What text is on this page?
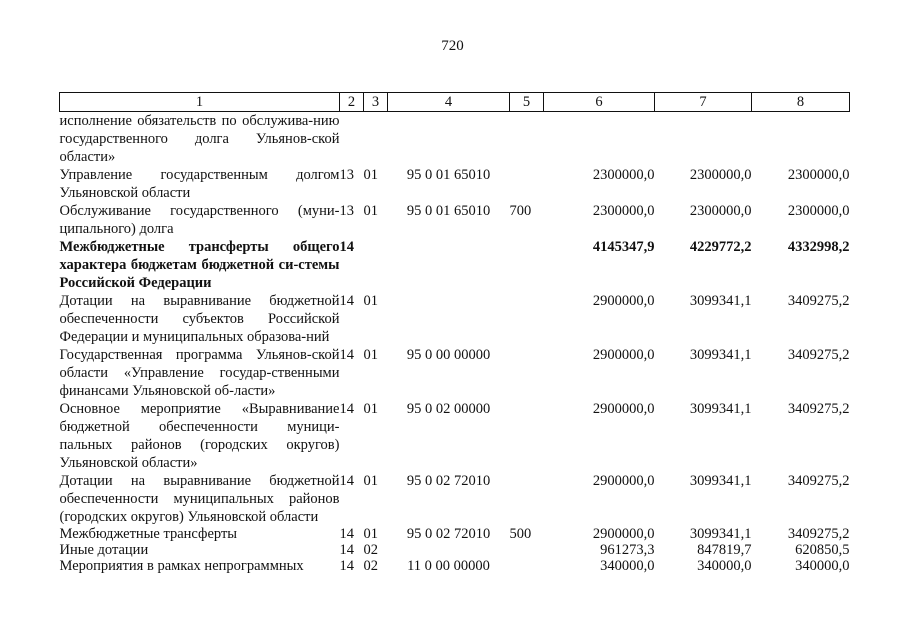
720
1	2	3	4	5	6	7	8
исполнение обязательств по обслужива-нию государственного долга Ульянов-ской области»							
Управление государственным долгом Ульяновской области	13	01	95 0 01 65010		2300000,0	2300000,0	2300000,0
Обслуживание государственного (муни-ципального) долга	13	01	95 0 01 65010	700	2300000,0	2300000,0	2300000,0
Межбюджетные трансферты общего характера бюджетам бюджетной си-стемы Российской Федерации	14				4145347,9	4229772,2	4332998,2
Дотации на выравнивание бюджетной обеспеченности субъектов Российской Федерации и муниципальных образова-ний	14	01			2900000,0	3099341,1	3409275,2
Государственная программа Ульянов-ской области «Управление государ-ственными финансами Ульяновской об-ласти»	14	01	95 0 00 00000		2900000,0	3099341,1	3409275,2
Основное мероприятие «Выравнивание бюджетной обеспеченности муници-пальных районов (городских округов) Ульяновской области»	14	01	95 0 02 00000		2900000,0	3099341,1	3409275,2
Дотации на выравнивание бюджетной обеспеченности муниципальных районов (городских округов) Ульяновской области	14	01	95 0 02 72010		2900000,0	3099341,1	3409275,2
Межбюджетные трансферты	14	01	95 0 02 72010	500	2900000,0	3099341,1	3409275,2
Иные дотации	14	02			961273,3	847819,7	620850,5
Мероприятия в рамках непрограммных	14	02	11 0 00 00000		340000,0	340000,0	340000,0
